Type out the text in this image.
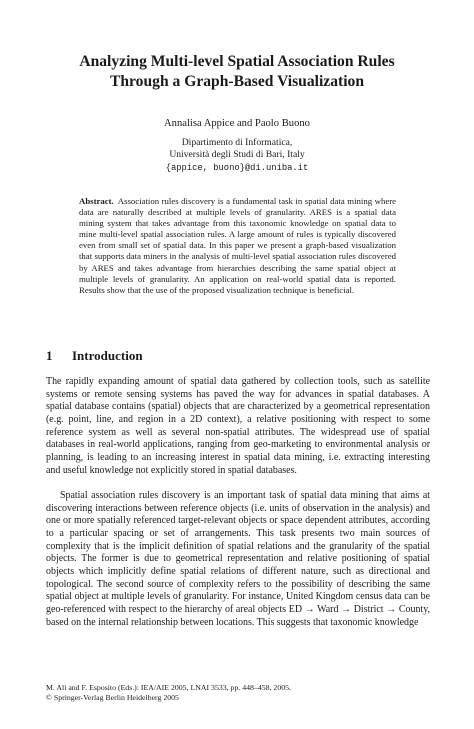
Analyzing Multi-level Spatial Association Rules
Through a Graph-Based Visualization
Annalisa Appice and Paolo Buono
Dipartimento di Informatica,
Università degli Studi di Bari, Italy
{appice, buono}@di.uniba.it
Abstract. Association rules discovery is a fundamental task in spatial data mining where data are naturally described at multiple levels of granularity. ARES is a spatial data mining system that takes advantage from this taxonomic knowledge on spatial data to mine multi-level spatial association rules. A large amount of rules is typically discovered even from small set of spatial data. In this paper we present a graph-based visualization that supports data miners in the analysis of multi-level spatial association rules discovered by ARES and takes advantage from hierarchies describing the same spatial object at multiple levels of granularity. An application on real-world spatial data is reported. Results show that the use of the proposed visualization technique is beneficial.
1 Introduction
The rapidly expanding amount of spatial data gathered by collection tools, such as satellite systems or remote sensing systems has paved the way for advances in spatial databases. A spatial database contains (spatial) objects that are characterized by a geometrical representation (e.g. point, line, and region in a 2D context), a relative positioning with respect to some reference system as well as several non-spatial attributes. The widespread use of spatial databases in real-world applications, ranging from geo-marketing to environmental analysis or planning, is leading to an increasing interest in spatial data mining, i.e. extracting interesting and useful knowledge not explicitly stored in spatial databases.
Spatial association rules discovery is an important task of spatial data mining that aims at discovering interactions between reference objects (i.e. units of observation in the analysis) and one or more spatially referenced target-relevant objects or space dependent attributes, according to a particular spacing or set of arrangements. This task presents two main sources of complexity that is the implicit definition of spatial relations and the granularity of the spatial objects. The former is due to geometrical representation and relative positioning of spatial objects which implicitly define spatial relations of different nature, such as directional and topological. The second source of complexity refers to the possibility of describing the same spatial object at multiple levels of granularity. For instance, United Kingdom census data can be geo-referenced with respect to the hierarchy of areal objects ED → Ward → District → County, based on the internal relationship between locations. This suggests that taxonomic knowledge
M. Ali and F. Esposito (Eds.): IEA/AIE 2005, LNAI 3533, pp. 448–458, 2005.
© Springer-Verlag Berlin Heidelberg 2005
